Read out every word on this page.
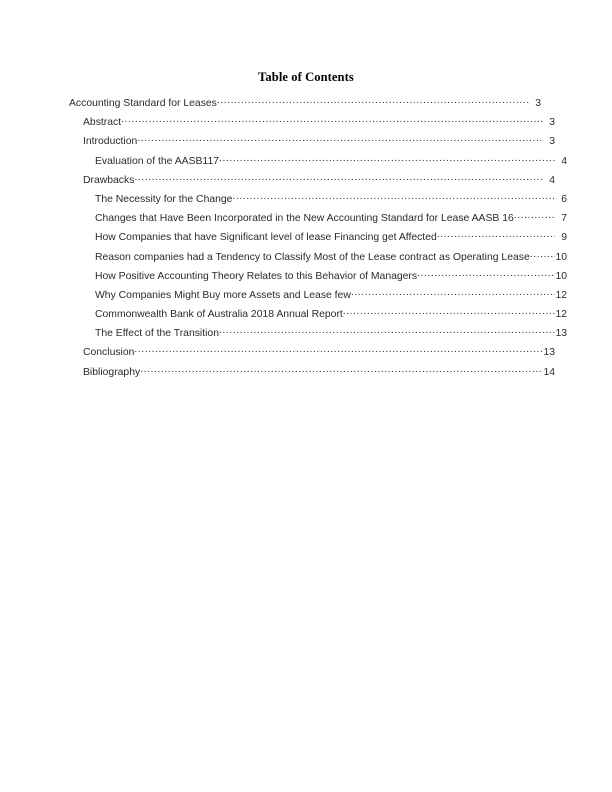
Table of Contents
Accounting Standard for Leases .....	3
Abstract .....	3
Introduction .....	3
Evaluation of the AASB117 .....	4
Drawbacks .....	4
The Necessity for the Change .....	6
Changes that Have Been Incorporated in the New Accounting Standard for Lease AASB 16 .....	7
How Companies that have Significant level of lease Financing get Affected .....	9
Reason companies had a Tendency to Classify Most of the Lease contract as Operating Lease ..... 10
How Positive Accounting Theory Relates to this Behavior of Managers .....	10
Why Companies Might Buy more Assets and Lease few .....	12
Commonwealth Bank of Australia 2018 Annual Report .....	12
The Effect of the Transition .....	13
Conclusion .....	13
Bibliography .....	14
